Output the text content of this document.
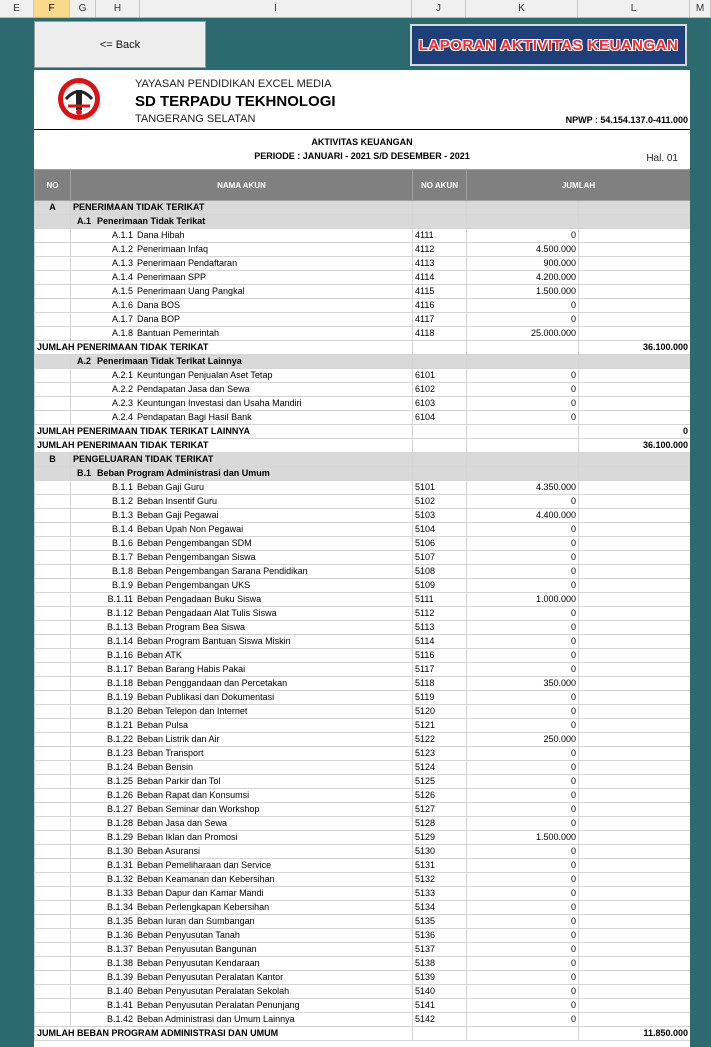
E	F	G	H	I	J	K	L	M
<= Back	LAPORAN AKTIVITAS KEUANGAN
YAYASAN PENDIDIKAN EXCEL MEDIA
SD TERPADU TEKHNOLOGI
TANGERANG SELATAN	NPWP : 54.154.137.0-411.000
AKTIVITAS KEUANGAN
PERIODE : JANUARI - 2021 S/D DESEMBER - 2021	Hal. 01
NO	NAMA AKUN	NO AKUN	JUMLAH	
A	PENERIMAAN TIDAK TERIKAT			
	A.1 Penerimaan Tidak Terikat			
	A.1.1 Dana Hibah	4111	0	
	A.1.2 Penerimaan Infaq	4112	4.500.000	
	A.1.3 Penerimaan Pendaftaran	4113	900.000	
	A.1.4 Penerimaan SPP	4114	4.200.000	
	A.1.5 Penerimaan Uang Pangkal	4115	1.500.000	
	A.1.6 Dana BOS	4116	0	
	A.1.7 Dana BOP	4117	0	
	A.1.8 Bantuan Pemerintah	4118	25.000.000	
JUMLAH PENERIMAAN TIDAK TERIKAT				36.100.000
	A.2 Penerimaan Tidak Terikat Lainnya			
	A.2.1 Keuntungan Penjualan Aset Tetap	6101	0	
	A.2.2 Pendapatan Jasa dan Sewa	6102	0	
	A.2.3 Keuntungan Investasi dan Usaha Mandiri	6103	0	
	A.2.4 Pendapatan Bagi Hasil Bank	6104	0	
JUMLAH PENERIMAAN TIDAK TERIKAT LAINNYA				0
JUMLAH PENERIMAAN TIDAK TERIKAT				36.100.000
B	PENGELUARAN TIDAK TERIKAT			
	B.1 Beban Program Administrasi dan Umum			
	B.1.1 Beban Gaji Guru	5101	4.350.000	
	B.1.2 Beban Insentif Guru	5102	0	
	B.1.3 Beban Gaji Pegawai	5103	4.400.000	
	B.1.4 Beban Upah Non Pegawai	5104	0	
	B.1.6 Beban Pengembangan SDM	5106	0	
	B.1.7 Beban Pengembangan Siswa	5107	0	
	B.1.8 Beban Pengembangan Sarana Pendidikan	5108	0	
	B.1.9 Beban Pengembangan UKS	5109	0	
	B.1.11 Beban Pengadaan Buku Siswa	5111	1.000.000	
	B.1.12 Beban Pengadaan Alat Tulis Siswa	5112	0	
	B.1.13 Beban Program Bea Siswa	5113	0	
	B.1.14 Beban Program Bantuan Siswa Miskin	5114	0	
	B.1.16 Beban ATK	5116	0	
	B.1.17 Beban Barang Habis Pakai	5117	0	
	B.1.18 Beban Penggandaan dan Percetakan	5118	350.000	
	B.1.19 Beban Publikasi dan Dokumentasi	5119	0	
	B.1.20 Beban Telepon dan Internet	5120	0	
	B.1.21 Beban Pulsa	5121	0	
	B.1.22 Beban Listrik dan Air	5122	250.000	
	B.1.23 Beban Transport	5123	0	
	B.1.24 Beban Bensin	5124	0	
	B.1.25 Beban Parkir dan Tol	5125	0	
	B.1.26 Beban Rapat dan Konsumsi	5126	0	
	B.1.27 Beban Seminar dan Workshop	5127	0	
	B.1.28 Beban Jasa dan Sewa	5128	0	
	B.1.29 Beban Iklan dan Promosi	5129	1.500.000	
	B.1.30 Beban Asuransi	5130	0	
	B.1.31 Beban Pemeliharaan dan Service	5131	0	
	B.1.32 Beban Keamanan dan Kebersihan	5132	0	
	B.1.33 Beban Dapur dan Kamar Mandi	5133	0	
	B.1.34 Beban Perlengkapan Kebersihan	5134	0	
	B.1.35 Beban Iuran dan Sumbangan	5135	0	
	B.1.36 Beban Penyusutan Tanah	5136	0	
	B.1.37 Beban Penyusutan Bangunan	5137	0	
	B.1.38 Beban Penyusutan Kendaraan	5138	0	
	B.1.39 Beban Penyusutan Peralatan Kantor	5139	0	
	B.1.40 Beban Penyusutan Peralatan Sekolah	5140	0	
	B.1.41 Beban Penyusutan Peralatan Penunjang	5141	0	
	B.1.42 Beban Administrasi dan Umum Lainnya	5142	0	
JUMLAH BEBAN PROGRAM ADMINISTRASI DAN UMUM				11.850.000
